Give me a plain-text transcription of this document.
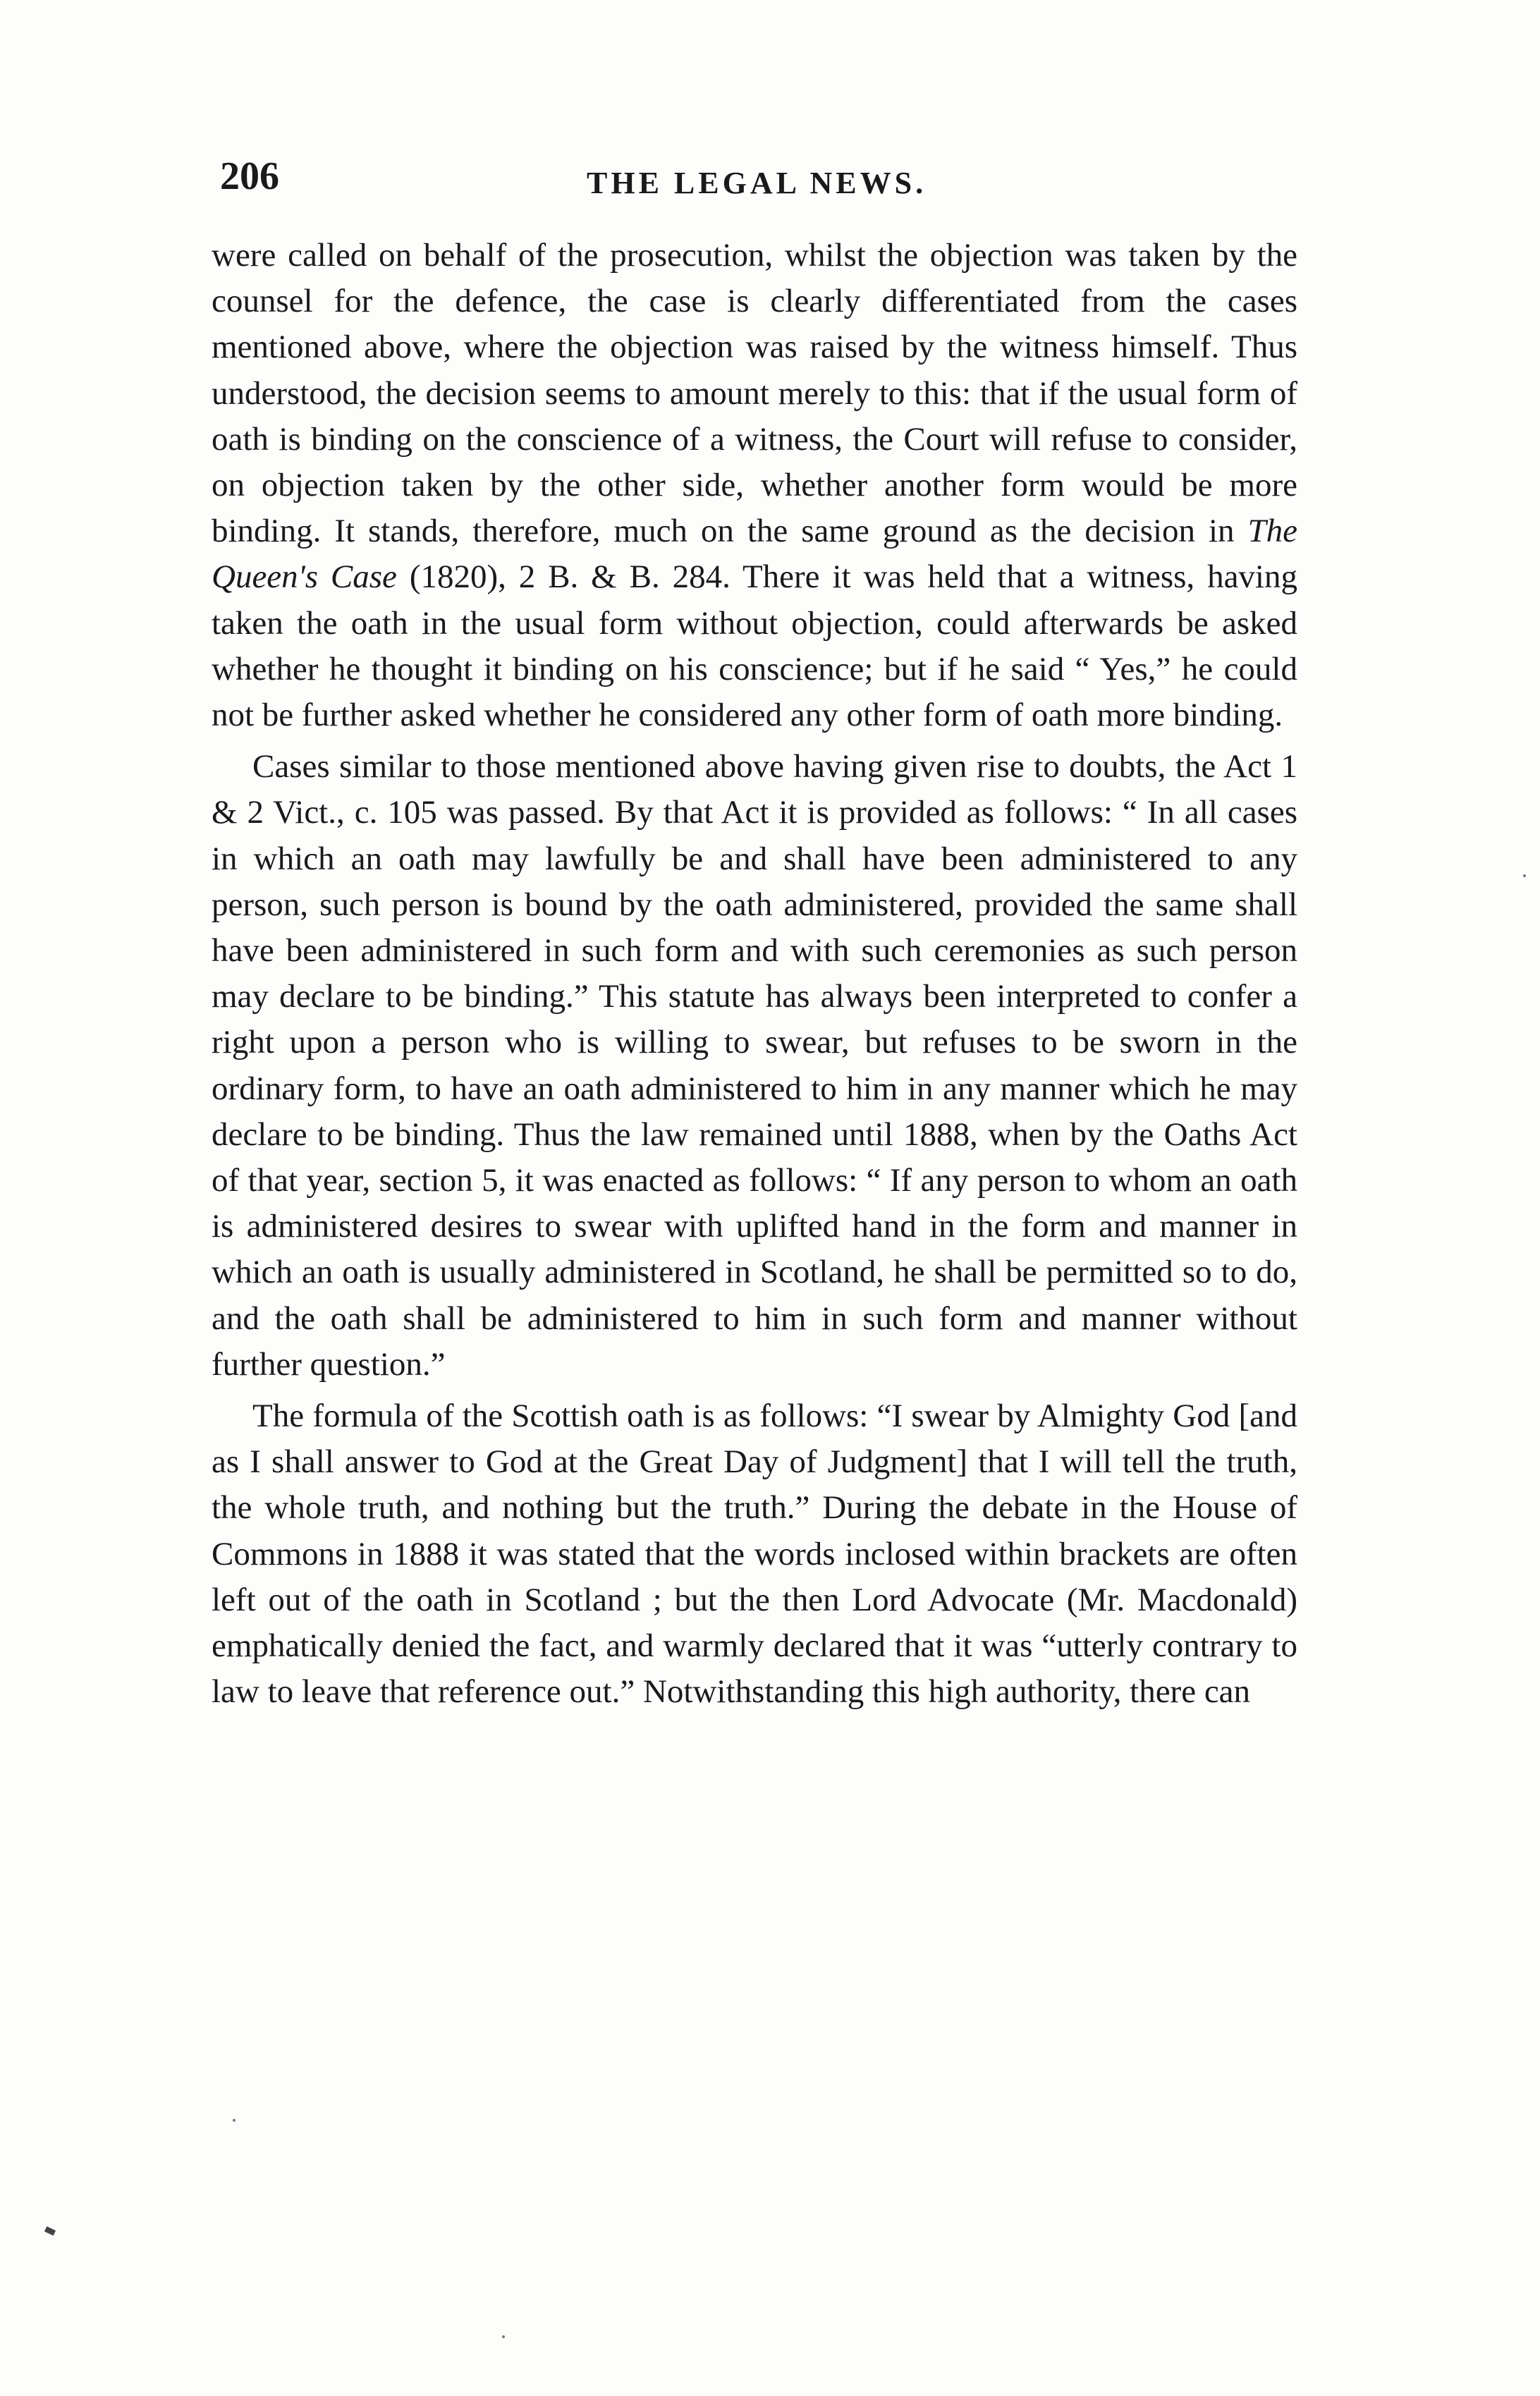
206	THE LEGAL NEWS.

were called on behalf of the prosecution, whilst the objection was taken by the counsel for the defence, the case is clearly differentiated from the cases mentioned above, where the objection was raised by the witness himself. Thus understood, the decision seems to amount merely to this: that if the usual form of oath is binding on the conscience of a witness, the Court will refuse to consider, on objection taken by the other side, whether another form would be more binding. It stands, therefore, much on the same ground as the decision in The Queen's Case (1820), 2 B. & B. 284. There it was held that a witness, having taken the oath in the usual form without objection, could afterwards be asked whether he thought it binding on his conscience; but if he said “ Yes,” he could not be further asked whether he considered any other form of oath more binding.

Cases similar to those mentioned above having given rise to doubts, the Act 1 & 2 Vict., c. 105 was passed. By that Act it is provided as follows: “ In all cases in which an oath may lawfully be and shall have been administered to any person, such person is bound by the oath administered, provided the same shall have been administered in such form and with such ceremonies as such person may declare to be binding.” This statute has always been interpreted to confer a right upon a person who is willing to swear, but refuses to be sworn in the ordinary form, to have an oath administered to him in any manner which he may declare to be binding. Thus the law remained until 1888, when by the Oaths Act of that year, section 5, it was enacted as follows: “ If any person to whom an oath is administered desires to swear with uplifted hand in the form and manner in which an oath is usually administered in Scotland, he shall be permitted so to do, and the oath shall be administered to him in such form and manner without further question.”

The formula of the Scottish oath is as follows: “I swear by Almighty God [and as I shall answer to God at the Great Day of Judgment] that I will tell the truth, the whole truth, and nothing but the truth.” During the debate in the House of Commons in 1888 it was stated that the words inclosed within brackets are often left out of the oath in Scotland ; but the then Lord Advocate (Mr. Macdonald) emphatically denied the fact, and warmly declared that it was “utterly contrary to law to leave that reference out.” Notwithstanding this high authority, there can
